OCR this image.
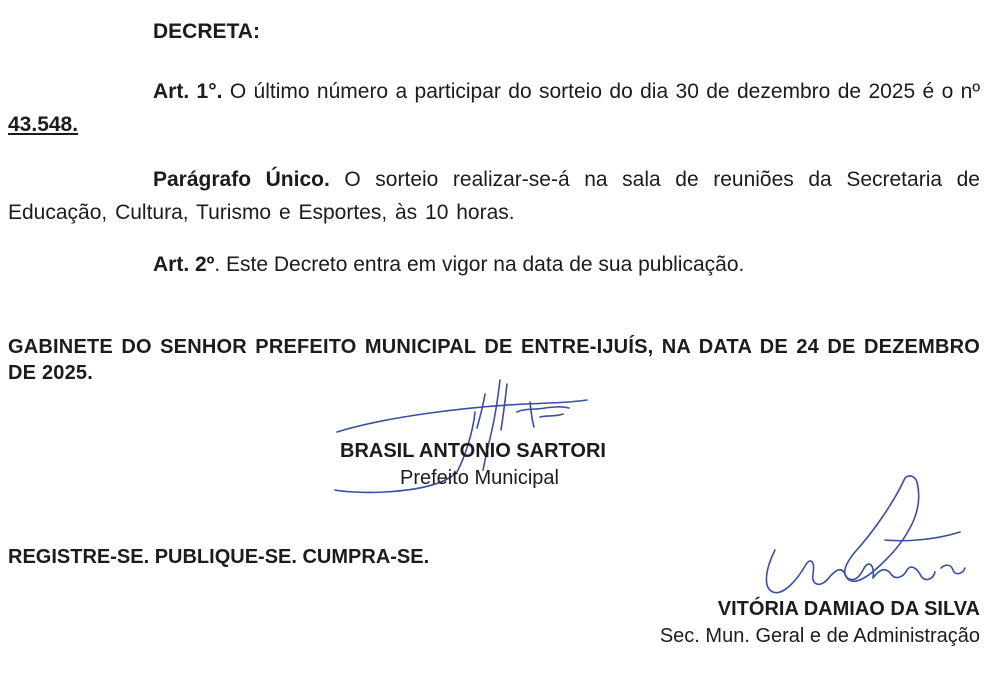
DECRETA:
Art. 1°. O último número a participar do sorteio do dia 30 de dezembro de 2025 é o nº 43.548.
Parágrafo Único. O sorteio realizar-se-á na sala de reuniões da Secretaria de Educação, Cultura, Turismo e Esportes, às 10 horas.
Art. 2º. Este Decreto entra em vigor na data de sua publicação.
GABINETE DO SENHOR PREFEITO MUNICIPAL DE ENTRE-IJUÍS, NA DATA DE 24 DE DEZEMBRO DE 2025.
BRASIL ANTONIO SARTORI
Prefeito Municipal
REGISTRE-SE. PUBLIQUE-SE. CUMPRA-SE.
VITÓRIA DAMIAO DA SILVA
Sec. Mun. Geral e de Administração
